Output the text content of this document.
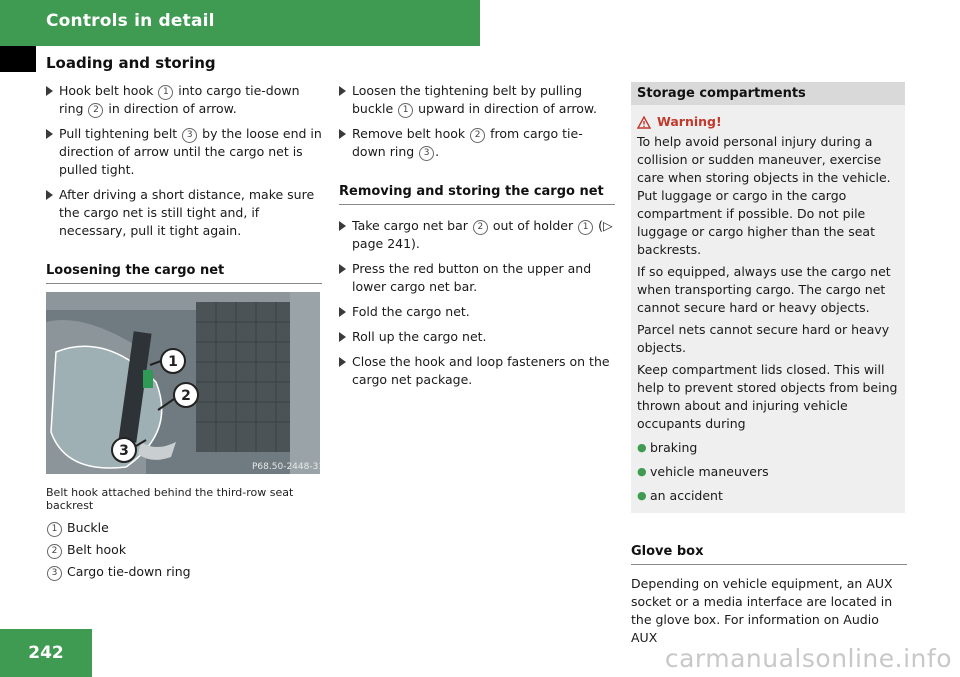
Controls in detail
Loading and storing
Hook belt hook 1 into cargo tie-down ring 2 in direction of arrow.
Pull tightening belt 3 by the loose end in direction of arrow until the cargo net is pulled tight.
After driving a short distance, make sure the cargo net is still tight and, if necessary, pull it tight again.
Loosening the cargo net
1
2
3
P68.50-2448-31
Belt hook attached behind the third-row seat backrest
1 Buckle
2 Belt hook
3 Cargo tie-down ring
Loosen the tightening belt by pulling buckle 1 upward in direction of arrow.
Remove belt hook 2 from cargo tie-down ring 3 .
Removing and storing the cargo net
Take cargo net bar 2 out of holder 1 (▷ page 241).
Press the red button on the upper and lower cargo net bar.
Fold the cargo net.
Roll up the cargo net.
Close the hook and loop fasteners on the cargo net package.
Storage compartments
Warning!

To help avoid personal injury during a collision or sudden maneuver, exercise care when storing objects in the vehicle. Put luggage or cargo in the cargo compartment if possible. Do not pile luggage or cargo higher than the seat backrests.

If so equipped, always use the cargo net when transporting cargo. The cargo net cannot secure hard or heavy objects.

Parcel nets cannot secure hard or heavy objects.

Keep compartment lids closed. This will help to prevent stored objects from being thrown about and injuring vehicle occupants during

● braking
● vehicle maneuvers
● an accident
Glove box

Depending on vehicle equipment, an AUX socket or a media interface are located in the glove box. For information on Audio AUX

242	carmanualsonline.info
